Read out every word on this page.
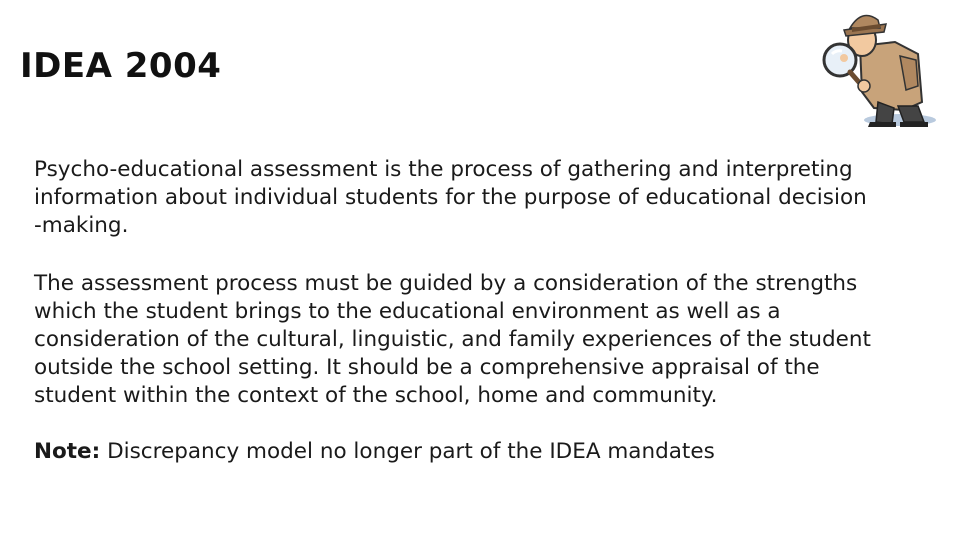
IDEA 2004

Psycho-educational assessment is the process of gathering and interpreting
information about individual students for the purpose of educational decision
-making.

The assessment process must be guided by a consideration of the strengths
which the student brings to the educational environment as well as a
consideration of the cultural, linguistic, and family experiences of the student
outside the school setting. It should be a comprehensive appraisal of the
student within the context of the school, home and community.

Note: Discrepancy model no longer part of the IDEA mandates
